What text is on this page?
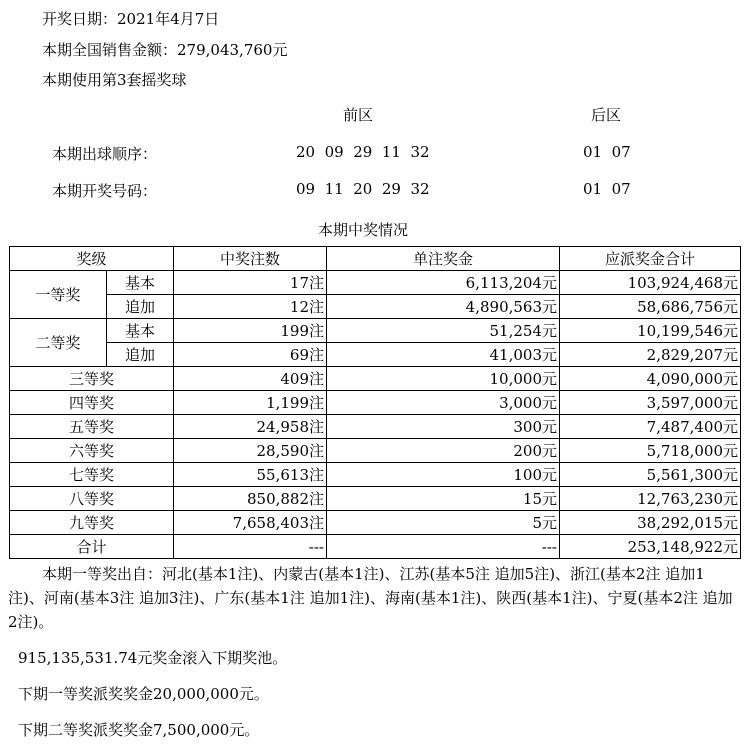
开奖日期：2021年4月7日
本期全国销售金额：279,043,760元
本期使用第3套摇奖球
前区	后区
本期出球顺序：	20  09  29  11  32	01  07
本期开奖号码：	09  11  20  29  32	01  07
本期中奖情况
奖级		中奖注数	单注奖金	应派奖金合计
一等奖	基本	17注	6,113,204元	103,924,468元
	追加	12注	4,890,563元	58,686,756元
二等奖	基本	199注	51,254元	10,199,546元
	追加	69注	41,003元	2,829,207元
三等奖		409注	10,000元	4,090,000元
四等奖		1,199注	3,000元	3,597,000元
五等奖		24,958注	300元	7,487,400元
六等奖		28,590注	200元	5,718,000元
七等奖		55,613注	100元	5,561,300元
八等奖		850,882注	15元	12,763,230元
九等奖		7,658,403注	5元	38,292,015元
合计		---	---	253,148,922元
本期一等奖出自：河北(基本1注)、内蒙古(基本1注)、江苏(基本5注 追加5注)、浙江(基本2注 追加1注)、河南(基本3注 追加3注)、广东(基本1注 追加1注)、海南(基本1注)、陕西(基本1注)、宁夏(基本2注 追加2注)。
915,135,531.74元奖金滚入下期奖池。
下期一等奖派奖奖金20,000,000元。
下期二等奖派奖奖金7,500,000元。
